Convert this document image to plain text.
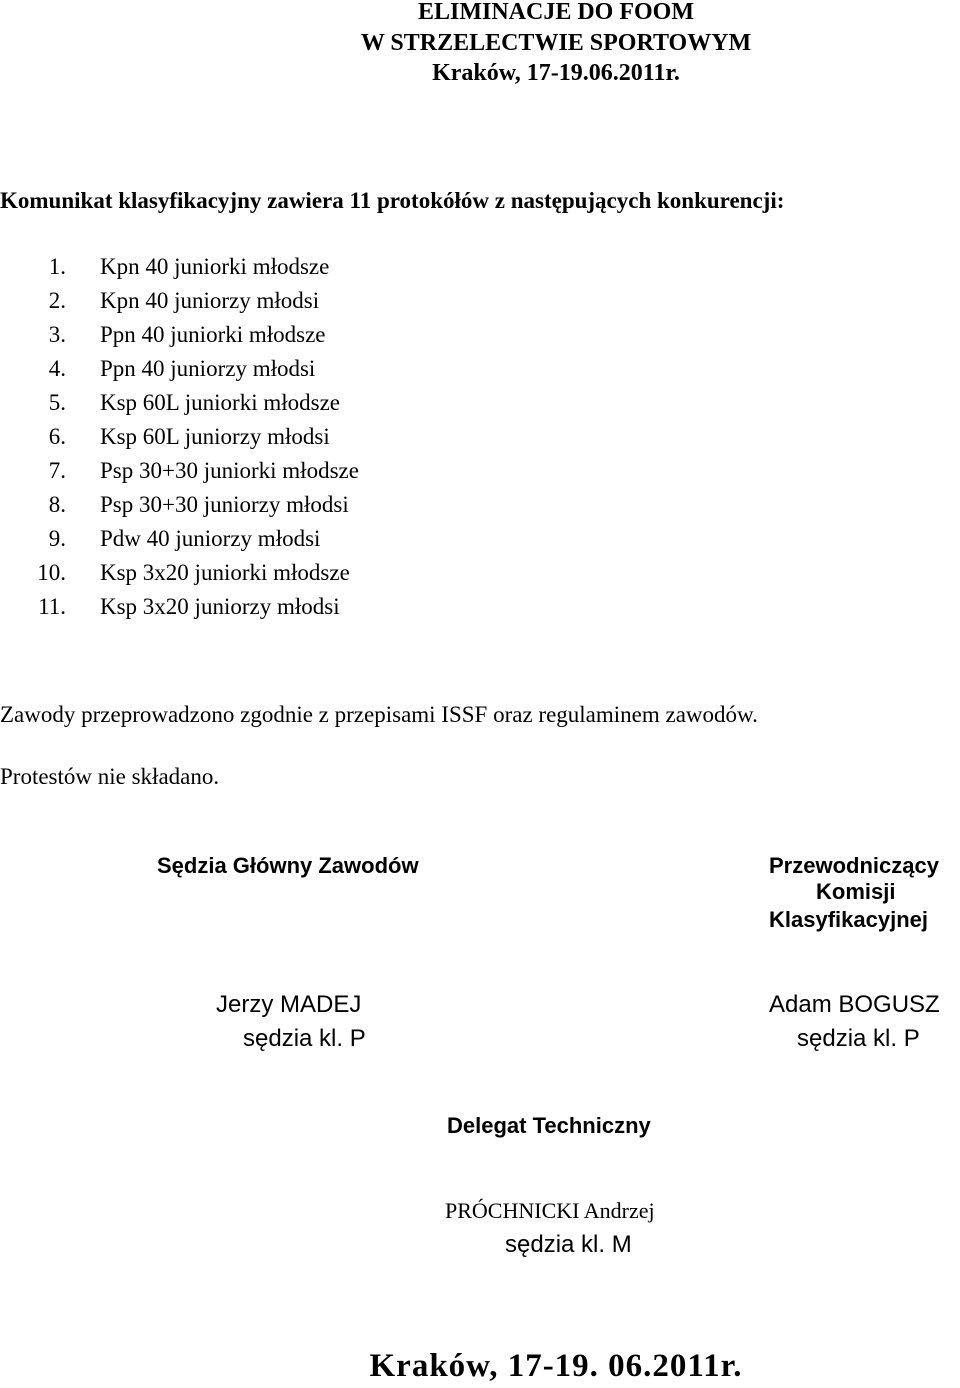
ELIMINACJE DO FOOM
W STRZELECTWIE SPORTOWYM
Kraków, 17-19.06.2011r.
Komunikat klasyfikacyjny zawiera 11 protokółów z następujących konkurencji:
1. Kpn 40 juniorki młodsze
2. Kpn 40 juniorzy młodsi
3. Ppn 40 juniorki młodsze
4. Ppn 40 juniorzy młodsi
5. Ksp 60L juniorki młodsze
6. Ksp 60L juniorzy młodsi
7. Psp 30+30 juniorki młodsze
8. Psp 30+30 juniorzy młodsi
9. Pdw 40 juniorzy młodsi
10. Ksp 3x20 juniorki młodsze
11. Ksp 3x20 juniorzy młodsi
Zawody przeprowadzono zgodnie z przepisami ISSF oraz regulaminem zawodów.
Protestów nie składano.
Sędzia Główny Zawodów
Jerzy MADEJ
sędzia kl. P
Przewodniczący
Komisji
Klasyfikacyjnej
Adam BOGUSZ
sędzia kl. P
Delegat Techniczny
PRÓCHNICKI Andrzej
sędzia kl. M
Kraków, 17-19. 06.2011r.
